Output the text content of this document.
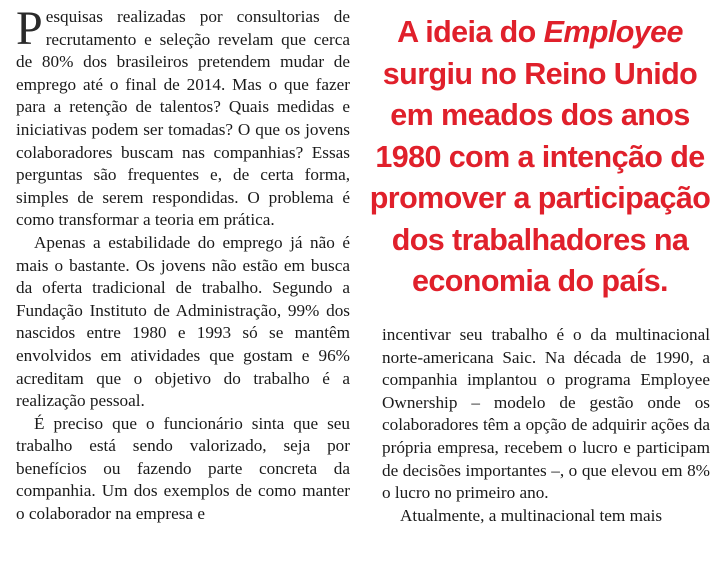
Pesquisas realizadas por consultorias de recrutamento e seleção revelam que cerca de 80% dos brasileiros pretendem mudar de emprego até o final de 2014. Mas o que fazer para a retenção de talentos? Quais medidas e iniciativas podem ser tomadas? O que os jovens colaboradores buscam nas companhias? Essas perguntas são frequentes e, de certa forma, simples de serem respondidas. O problema é como transformar a teoria em prática.

Apenas a estabilidade do emprego já não é mais o bastante. Os jovens não estão em busca da oferta tradicional de trabalho. Segundo a Fundação Instituto de Administração, 99% dos nascidos entre 1980 e 1993 só se mantêm envolvidos em atividades que gostam e 96% acreditam que o objetivo do trabalho é a realização pessoal.

É preciso que o funcionário sinta que seu trabalho está sendo valorizado, seja por benefícios ou fazendo parte concreta da companhia. Um dos exemplos de como manter o colaborador na empresa e

A ideia do Employee surgiu no Reino Unido em meados dos anos 1980 com a intenção de promover a participação dos trabalhadores na economia do país.

incentivar seu trabalho é o da multinacional norte-americana Saic. Na década de 1990, a companhia implantou o programa Employee Ownership – modelo de gestão onde os colaboradores têm a opção de adquirir ações da própria empresa, recebem o lucro e participam de decisões importantes –, o que elevou em 8% o lucro no primeiro ano.

Atualmente, a multinacional tem mais
